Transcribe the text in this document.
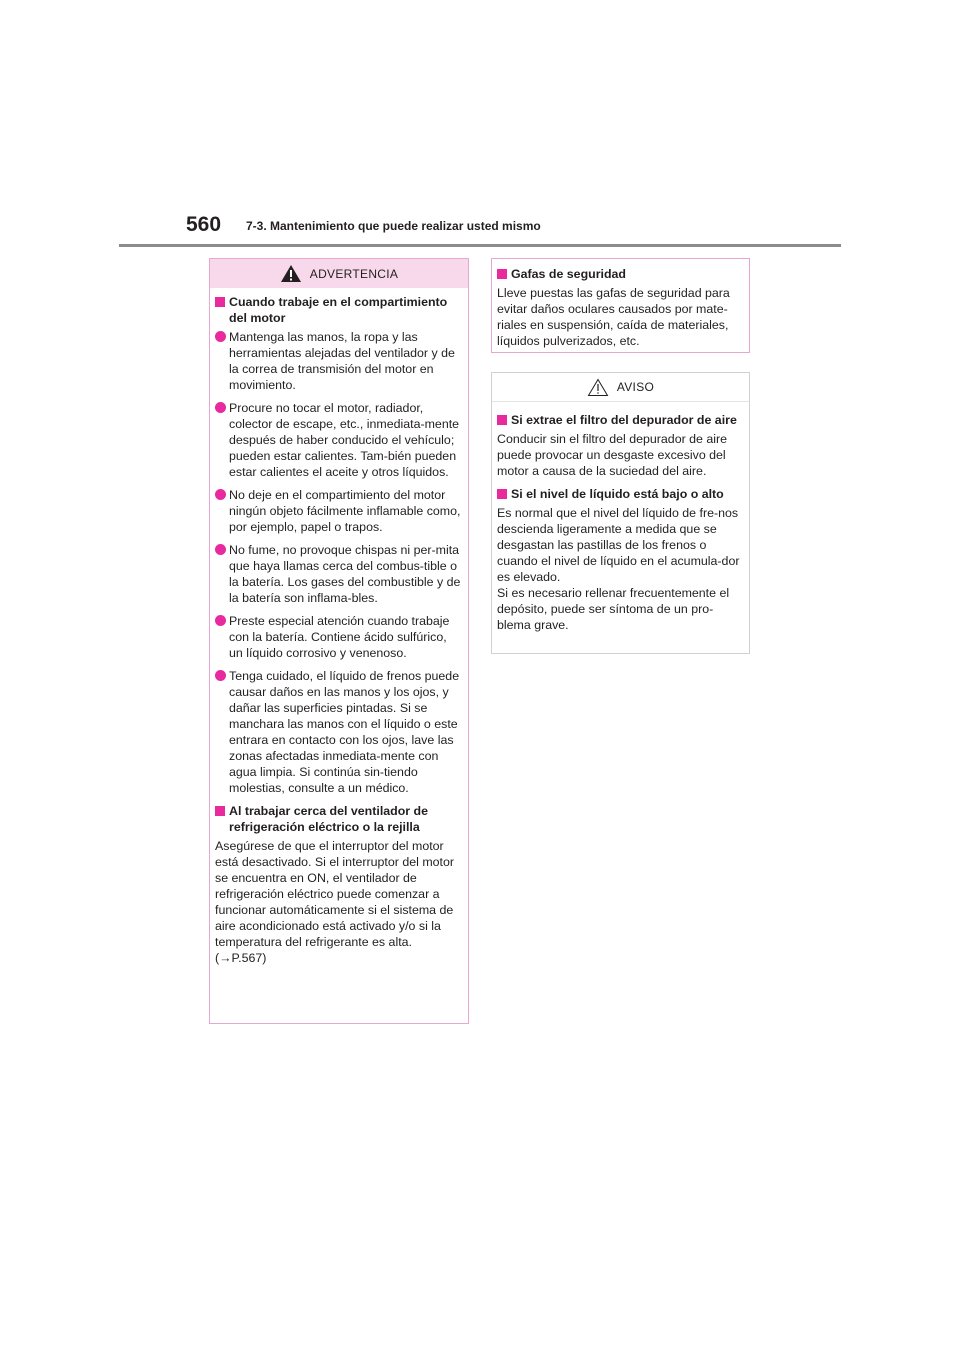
560 7-3. Mantenimiento que puede realizar usted mismo
ADVERTENCIA
Cuando trabaje en el compartimiento del motor
Mantenga las manos, la ropa y las herramientas alejadas del ventilador y de la correa de transmisión del motor en movimiento.
Procure no tocar el motor, radiador, colector de escape, etc., inmediata-mente después de haber conducido el vehículo; pueden estar calientes. Tam-bién pueden estar calientes el aceite y otros líquidos.
No deje en el compartimiento del motor ningún objeto fácilmente inflamable como, por ejemplo, papel o trapos.
No fume, no provoque chispas ni per-mita que haya llamas cerca del combus-tible o la batería. Los gases del combustible y de la batería son inflama-bles.
Preste especial atención cuando trabaje con la batería. Contiene ácido sulfúrico, un líquido corrosivo y venenoso.
Tenga cuidado, el líquido de frenos puede causar daños en las manos y los ojos, y dañar las superficies pintadas. Si se manchara las manos con el líquido o este entrara en contacto con los ojos, lave las zonas afectadas inmediata-mente con agua limpia. Si continúa sin-tiendo molestias, consulte a un médico.
Al trabajar cerca del ventilador de refrigeración eléctrico o la rejilla
Asegúrese de que el interruptor del motor está desactivado. Si el interruptor del motor se encuentra en ON, el ventilador de refrigeración eléctrico puede comenzar a funcionar automáticamente si el sistema de aire acondicionado está activado y/o si la temperatura del refrigerante es alta.
(→P.567)
Gafas de seguridad
Lleve puestas las gafas de seguridad para evitar daños oculares causados por mate-riales en suspensión, caída de materiales, líquidos pulverizados, etc.
AVISO
Si extrae el filtro del depurador de aire
Conducir sin el filtro del depurador de aire puede provocar un desgaste excesivo del motor a causa de la suciedad del aire.
Si el nivel de líquido está bajo o alto
Es normal que el nivel del líquido de fre-nos descienda ligeramente a medida que se desgastan las pastillas de los frenos o cuando el nivel de líquido en el acumula-dor es elevado.
Si es necesario rellenar frecuentemente el depósito, puede ser síntoma de un pro-blema grave.
